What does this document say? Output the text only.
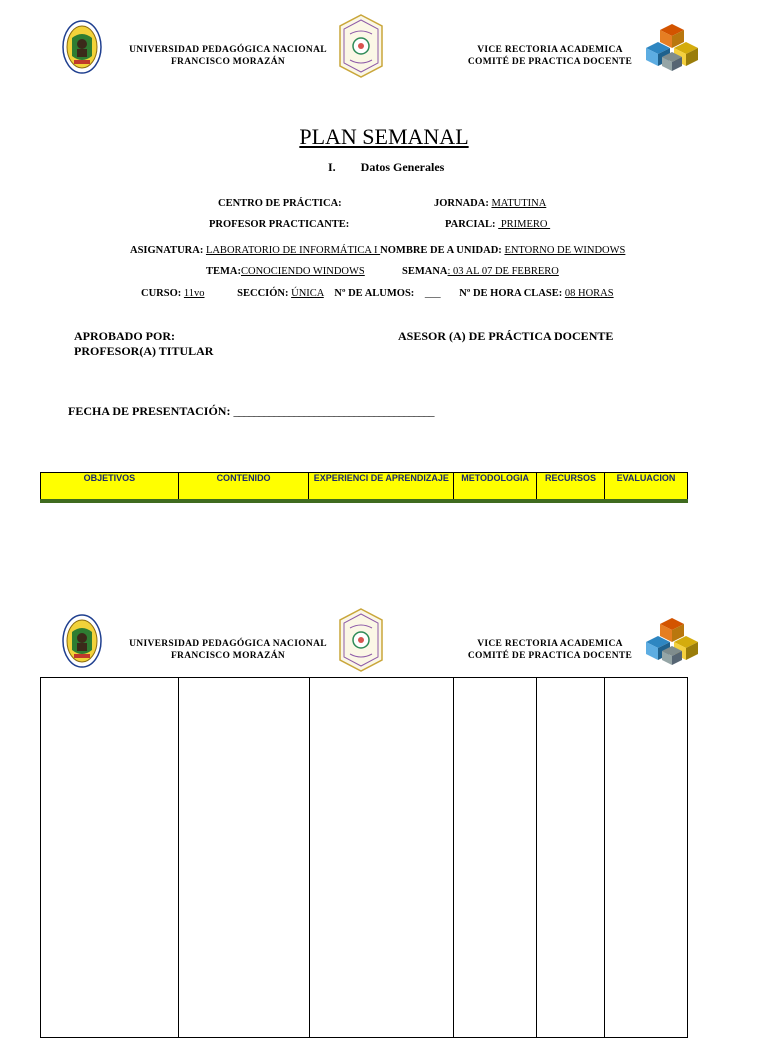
UNIVERSIDAD PEDAGÓGICA NACIONAL
FRANCISCO MORAZÁN
VICE RECTORIA ACADEMICA
COMITÉ DE PRACTICA DOCENTE
PLAN SEMANAL
I. Datos Generales
CENTRO DE PRÁCTICA:	JORNADA: MATUTINA
PROFESOR PRACTICANTE:	PARCIAL:  PRIMERO
ASIGNATURA: LABORATORIO DE INFORMÁTICA I NOMBRE DE A UNIDAD: ENTORNO DE WINDOWS
TEMA:CONOCIENDO WINDOWS	SEMANA: 03 AL 07 DE FEBRERO
CURSO: 11vo	SECCIÓN: ÚNICA Nº DE ALUMOS: ___ Nº DE HORA CLASE: 08 HORAS
APROBADO POR:
PROFESOR(A) TITULAR
ASESOR (A) DE PRÁCTICA DOCENTE
FECHA DE PRESENTACIÓN: ________________________________________
OBJETIVOS	CONTENIDO	EXPERIENCI DE APRENDIZAJE	METODOLOGIA	RECURSOS	EVALUACION
UNIVERSIDAD PEDAGÓGICA NACIONAL
FRANCISCO MORAZÁN
VICE RECTORIA ACADEMICA
COMITÉ DE PRACTICA DOCENTE
